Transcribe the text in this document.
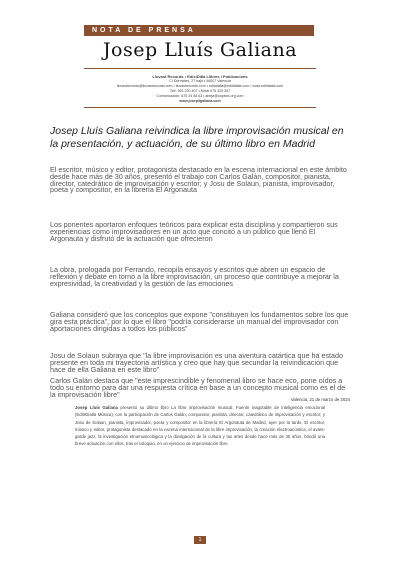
NOTA DE PRENSA
Josep Lluís Galiana
Lluvast Records • EdiciDitla Llibres i Publicacions
C/ Dormides, 27 bajo • 46007 Valencia
lluvastrecords@lluvastrecords.com • lluvastrecords.com • editdiatla@editdiatla.com • www.editdiatla.com
Telf. 963 230 407 • Móvil 675 329 307
Comunicación: 675 34 48 63 • abeja@zapbox.org.com
www.josepllgaliana.com
Josep Lluís Galiana reivindica la libre improvisación musical en la presentación, y actuación, de su último libro en Madrid

El escritor, músico y editor, protagonista destacado en la escena internacional en este ámbito desde hace más de 30 años, presentó el trabajo con Carlos Galán, compositor, pianista, director, catedrático de improvisación y escritor; y Josu de Solaun, pianista, improvisador, poeta y compositor, en la librería El Argonauta

Los ponentes aportaron enfoques teóricos para explicar esta disciplina y compartieron sus experiencias como improvisadores en un acto que concitó a un público que llenó El Argonauta y disfrutó de la actuación que ofrecieron

La obra, prologada por Ferrando, recopila ensayos y escritos que abren un espacio de reflexión y debate en torno a la libre improvisación, un proceso que contribuye a mejorar la expresividad, la creatividad y la gestión de las emociones

Galiana consideró que los conceptos que expone "constituyen los fundamentos sobre los que gira esta práctica", por lo que el libro "podría considerarse un manual del improvisador con aportaciones dirigidas a todos los públicos"

Josu de Solaun subraya que "la libre improvisación es una aventura catártica que ha estado presente en toda mi trayectoria artística y creo que hay que secundar la reivindicación que hace de ella Galiana en este libro"

Valencia, 21 de marzo de 2024

Josep Lluís Galiana presentó su último libro La libre improvisación musical. Fuente inagotable de inteligencia emocional (EditrDiatla Música), con la participación de Carlos Galán, compositor, pianista, director, catedrático de improvisación y escritor; y Josu de Solaun, pianista, improvisador, poeta y compositor en la librería El Argonauta de Madrid, ayer por la tarde. El escritor, músico y editor, protagonista destacado en la escena internacional de la libre improvisación, la creación electroacústica, el avant-garde jazz, la investigación etnomusicológica y la divulgación de la cultura y las artes desde hace más de 30 años, brindó una breve actuación con ellos, tras el coloquio, en un ejercicio de improvisación libre.

1

Carlos Galán destaca que "este imprescindible y fenomenal libro se hace eco, pone oídos a todo su entorno para dar una respuesta crítica en base a un concepto musical como es el de la improvisación libre"
